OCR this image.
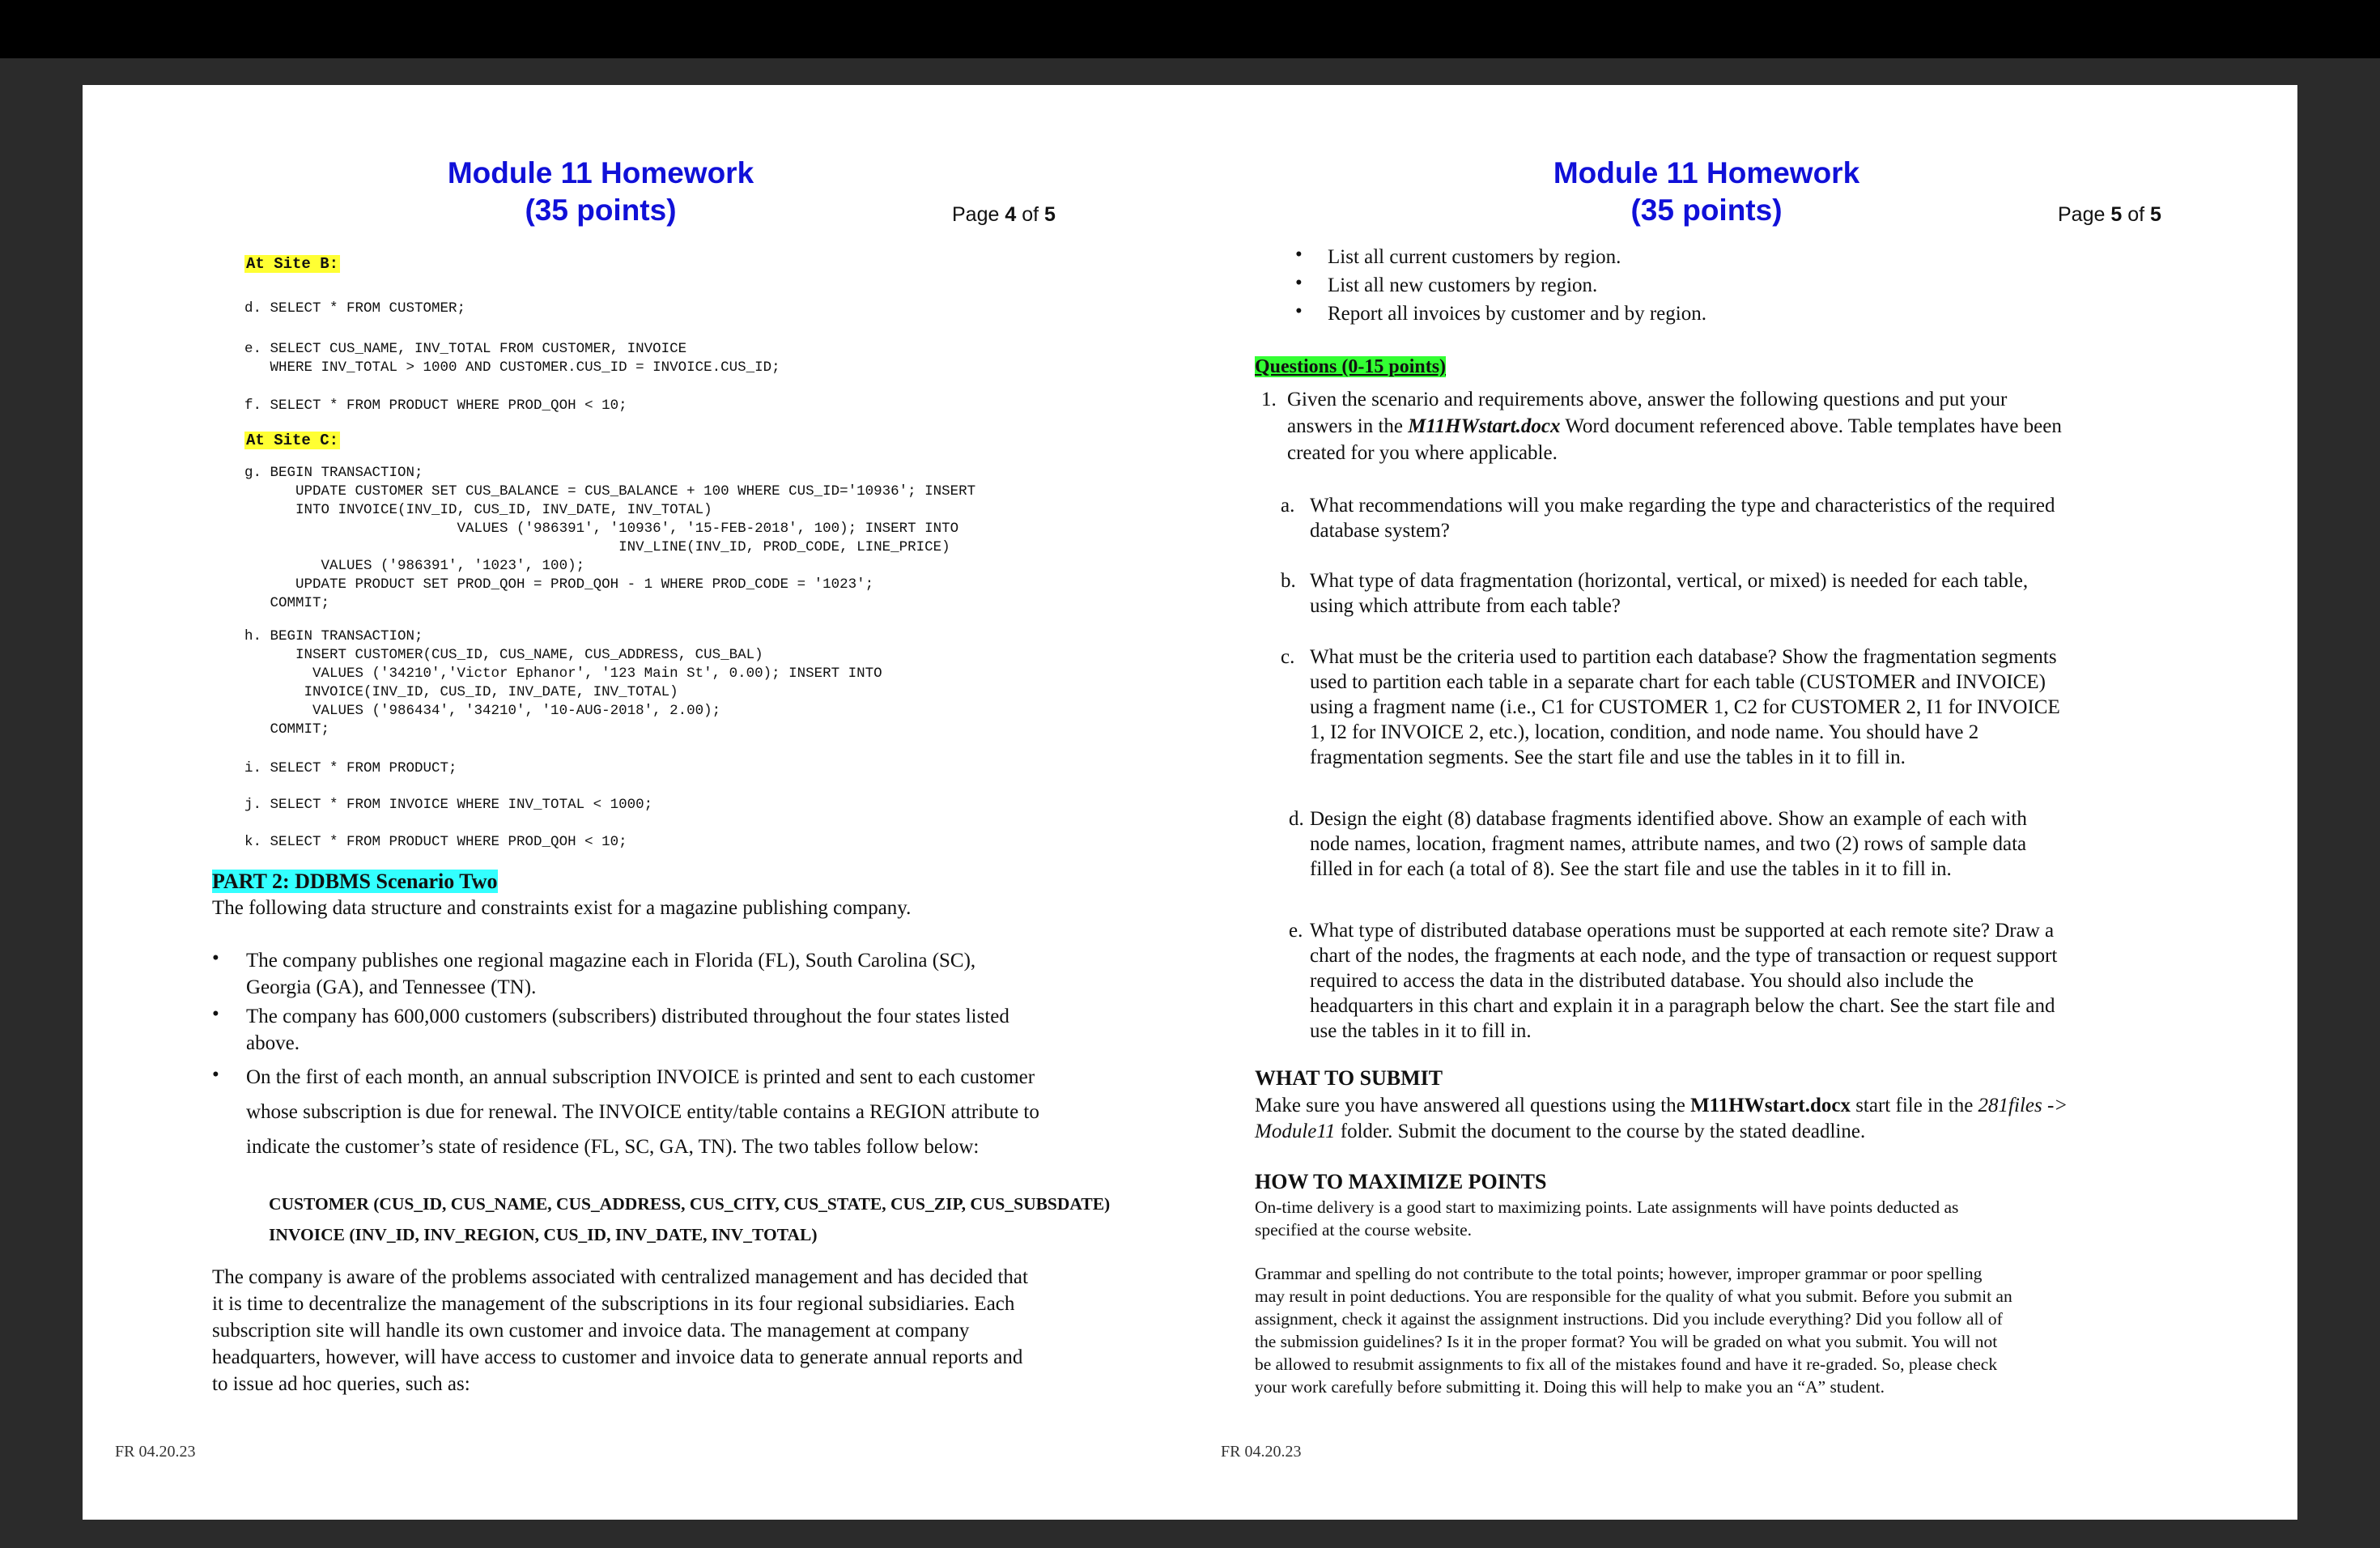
Module 11 Homework
(35 points)	Page 4 of 5
At Site B:
d. SELECT * FROM CUSTOMER;
e. SELECT CUS_NAME, INV_TOTAL FROM CUSTOMER, INVOICE
WHERE INV_TOTAL > 1000 AND CUSTOMER.CUS_ID = INVOICE.CUS_ID;
f. SELECT * FROM PRODUCT WHERE PROD_QOH < 10;
At Site C:
g. BEGIN TRANSACTION;
UPDATE CUSTOMER SET CUS_BALANCE = CUS_BALANCE + 100 WHERE CUS_ID='10936'; INSERT
INTO INVOICE(INV_ID, CUS_ID, INV_DATE, INV_TOTAL)
VALUES ('986391', '10936', '15-FEB-2018', 100); INSERT INTO
INV_LINE(INV_ID, PROD_CODE, LINE_PRICE)
VALUES ('986391', '1023', 100);
UPDATE PRODUCT SET PROD_QOH = PROD_QOH - 1 WHERE PROD_CODE = '1023';
COMMIT;
h. BEGIN TRANSACTION;
INSERT CUSTOMER(CUS_ID, CUS_NAME, CUS_ADDRESS, CUS_BAL)
VALUES ('34210','Victor Ephanor', '123 Main St', 0.00); INSERT INTO
INVOICE(INV_ID, CUS_ID, INV_DATE, INV_TOTAL)
VALUES ('986434', '34210', '10-AUG-2018', 2.00);
COMMIT;
i. SELECT * FROM PRODUCT;
j. SELECT * FROM INVOICE WHERE INV_TOTAL < 1000;
k. SELECT * FROM PRODUCT WHERE PROD_QOH < 10;
PART 2: DDBMS Scenario Two
The following data structure and constraints exist for a magazine publishing company.
• The company publishes one regional magazine each in Florida (FL), South Carolina (SC),
Georgia (GA), and Tennessee (TN).
• The company has 600,000 customers (subscribers) distributed throughout the four states listed
above.
• On the first of each month, an annual subscription INVOICE is printed and sent to each customer
whose subscription is due for renewal. The INVOICE entity/table contains a REGION attribute to
indicate the customer’s state of residence (FL, SC, GA, TN). The two tables follow below:
CUSTOMER (CUS_ID, CUS_NAME, CUS_ADDRESS, CUS_CITY, CUS_STATE, CUS_ZIP, CUS_SUBSDATE)
INVOICE (INV_ID, INV_REGION, CUS_ID, INV_DATE, INV_TOTAL)
The company is aware of the problems associated with centralized management and has decided that
it is time to decentralize the management of the subscriptions in its four regional subsidiaries. Each
subscription site will handle its own customer and invoice data. The management at company
headquarters, however, will have access to customer and invoice data to generate annual reports and
to issue ad hoc queries, such as:
FR 04.20.23
Module 11 Homework
(35 points)	Page 5 of 5
• List all current customers by region.
• List all new customers by region.
• Report all invoices by customer and by region.
Questions (0-15 points)
1. Given the scenario and requirements above, answer the following questions and put your
answers in the M11HWstart.docx Word document referenced above. Table templates have been
created for you where applicable.
a. What recommendations will you make regarding the type and characteristics of the required
database system?
b. What type of data fragmentation (horizontal, vertical, or mixed) is needed for each table,
using which attribute from each table?
c. What must be the criteria used to partition each database? Show the fragmentation segments
used to partition each table in a separate chart for each table (CUSTOMER and INVOICE)
using a fragment name (i.e., C1 for CUSTOMER 1, C2 for CUSTOMER 2, I1 for INVOICE
1, I2 for INVOICE 2, etc.), location, condition, and node name. You should have 2
fragmentation segments. See the start file and use the tables in it to fill in.
d. Design the eight (8) database fragments identified above. Show an example of each with
node names, location, fragment names, attribute names, and two (2) rows of sample data
filled in for each (a total of 8). See the start file and use the tables in it to fill in.
e. What type of distributed database operations must be supported at each remote site? Draw a
chart of the nodes, the fragments at each node, and the type of transaction or request support
required to access the data in the distributed database. You should also include the
headquarters in this chart and explain it in a paragraph below the chart. See the start file and
use the tables in it to fill in.
WHAT TO SUBMIT
Make sure you have answered all questions using the M11HWstart.docx start file in the 281files ->
Module11 folder. Submit the document to the course by the stated deadline.
HOW TO MAXIMIZE POINTS
On-time delivery is a good start to maximizing points. Late assignments will have points deducted as
specified at the course website.
Grammar and spelling do not contribute to the total points; however, improper grammar or poor spelling
may result in point deductions. You are responsible for the quality of what you submit. Before you submit an
assignment, check it against the assignment instructions. Did you include everything? Did you follow all of
the submission guidelines? Is it in the proper format? You will be graded on what you submit. You will not
be allowed to resubmit assignments to fix all of the mistakes found and have it re-graded. So, please check
your work carefully before submitting it. Doing this will help to make you an “A” student.
FR 04.20.23
